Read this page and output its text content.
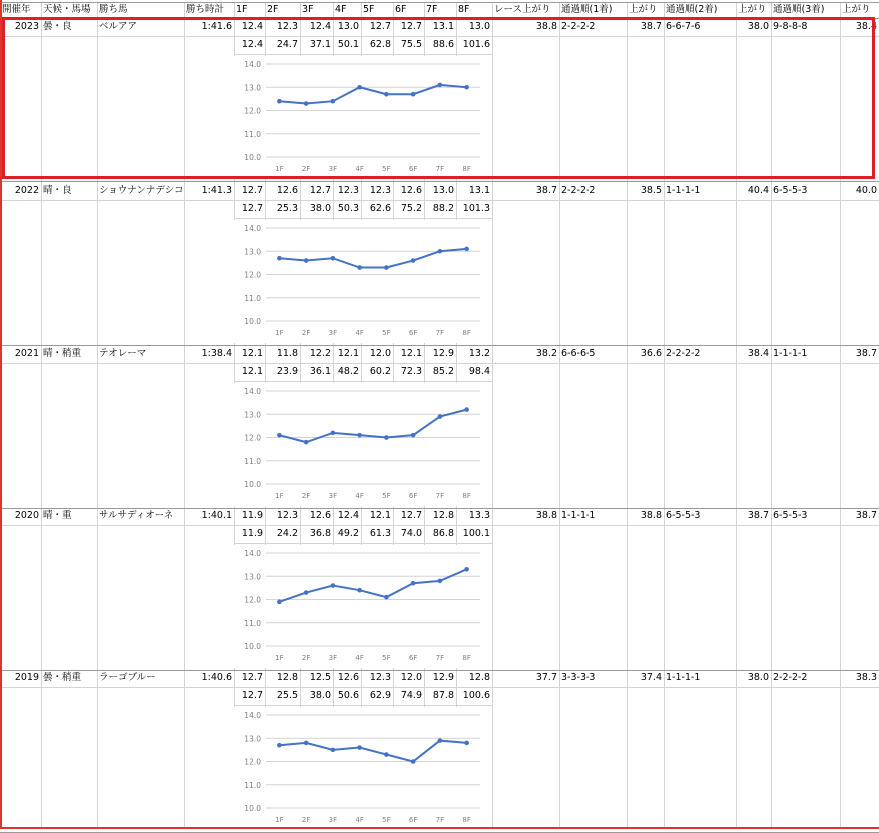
開催年	天候・馬場 勝ち馬	勝ち時計	1F	2F	3F	4F	5F	6F	7F	8F	レース上がり	通過順(1着)	上がり 通過順(2着)	上がり 通過順(3着)	上がり
2023 曇・良	ベルアア	1:41.6	12.4	12.3	12.4 13.0	12.7	12.7	13.1	13.0	38.8 2-2-2-2	38.7 6-6-7-6	38.0 9-8-8-8	38.4
12.4	24.7	37.1 50.1	62.8	75.5	88.6 101.6
14.0
13.0
12.0
11.0
10.0
1F	2F	3F	4F	5F	6F	7F	8F
2022 晴・良	ショウナンナデシコ	1:41.3	12.7	12.6	12.7 12.3	12.3	12.6	13.0	13.1	38.7 2-2-2-2	38.5 1-1-1-1	40.4 6-5-5-3	40.0
12.7	25.3	38.0 50.3	62.6	75.2	88.2 101.3
14.0
13.0
12.0
11.0
10.0
1F	2F	3F	4F	5F	6F	7F	8F
2021 晴・稍重	テオレーマ	1:38.4	12.1	11.8	12.2 12.1	12.0	12.1	12.9	13.2	38.2 6-6-6-5	36.6 2-2-2-2	38.4 1-1-1-1	38.7
12.1	23.9	36.1 48.2	60.2	72.3	85.2	98.4
14.0
13.0
12.0
11.0
10.0
1F	2F	3F	4F	5F	6F	7F	8F
2020 晴・重	サルサディオーネ	1:40.1	11.9	12.3	12.6 12.4	12.1	12.7	12.8	13.3	38.8 1-1-1-1	38.8 6-5-5-3	38.7 6-5-5-3	38.7
11.9	24.2	36.8 49.2	61.3	74.0	86.8 100.1
14.0
13.0
12.0
11.0
10.0
1F	2F	3F	4F	5F	6F	7F	8F
2019 曇・稍重	ラーゴブルー	1:40.6	12.7	12.8	12.5 12.6	12.3	12.0	12.9	12.8	37.7 3-3-3-3	37.4 1-1-1-1	38.0 2-2-2-2	38.3
12.7	25.5	38.0 50.6	62.9	74.9	87.8 100.6
14.0
13.0
12.0
11.0
10.0
1F	2F	3F	4F	5F	6F	7F	8F
